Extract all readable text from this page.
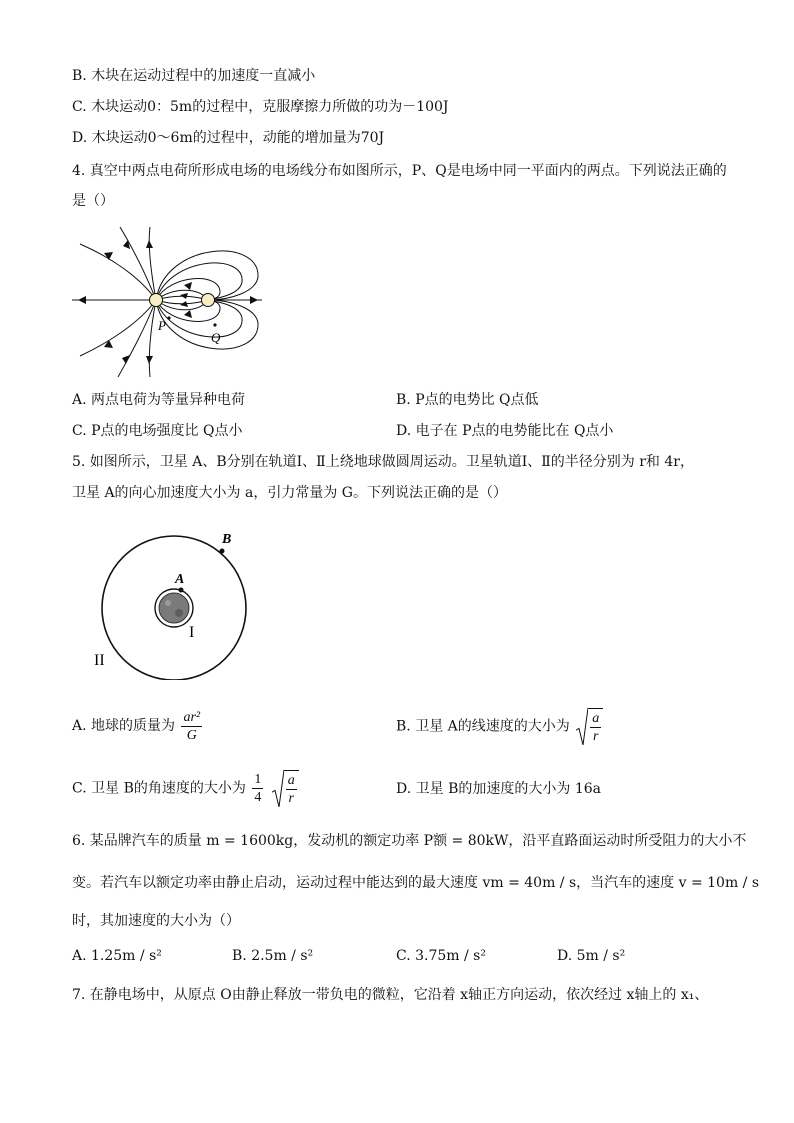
B. 木块在运动过程中的加速度一直减小
C. 木块运动0：5m的过程中，克服摩擦力所做的功为－100J
D. 木块运动0～6m的过程中，动能的增加量为70J
4. 真空中两点电荷所形成电场的电场线分布如图所示，P、Q是电场中同一平面内的两点。下列说法正确的
是（）
P
Q
A. 两点电荷为等量异种电荷	B. P点的电势比 Q点低
C. P点的电场强度比 Q点小	D. 电子在 P点的电势能比在 Q点小
5. 如图所示，卫星 A、B分别在轨道Ⅰ、Ⅱ上绕地球做圆周运动。卫星轨道Ⅰ、Ⅱ的半径分别为 r和 4r，
卫星 A的向心加速度大小为 a，引力常量为 G。下列说法正确的是（）
A
B
I
II
A. 地球的质量为 $\frac{\text{ar²}}{G}$	B. 卫星 A的线速度的大小为 $\frac{a}{r}$
C. 卫星 B的角速度的大小为 $\frac{1}{4}$
$\frac{a}{r}$	D. 卫星 B的加速度的大小为 16a
6. 某品牌汽车的质量 m = 1600kg，发动机的额定功率 P额 = 80kW，沿平直路面运动时所受阻力的大小不
变。若汽车以额定功率由静止启动，运动过程中能达到的最大速度 vm = 40m / s，当汽车的速度 v = 10m / s
时，其加速度的大小为（）
A. 1.25m / s²	B. 2.5m / s²	C. 3.75m / s²	D. 5m / s²
7. 在静电场中，从原点 O由静止释放一带负电的微粒，它沿着 x轴正方向运动，依次经过 x轴上的 x₁、
